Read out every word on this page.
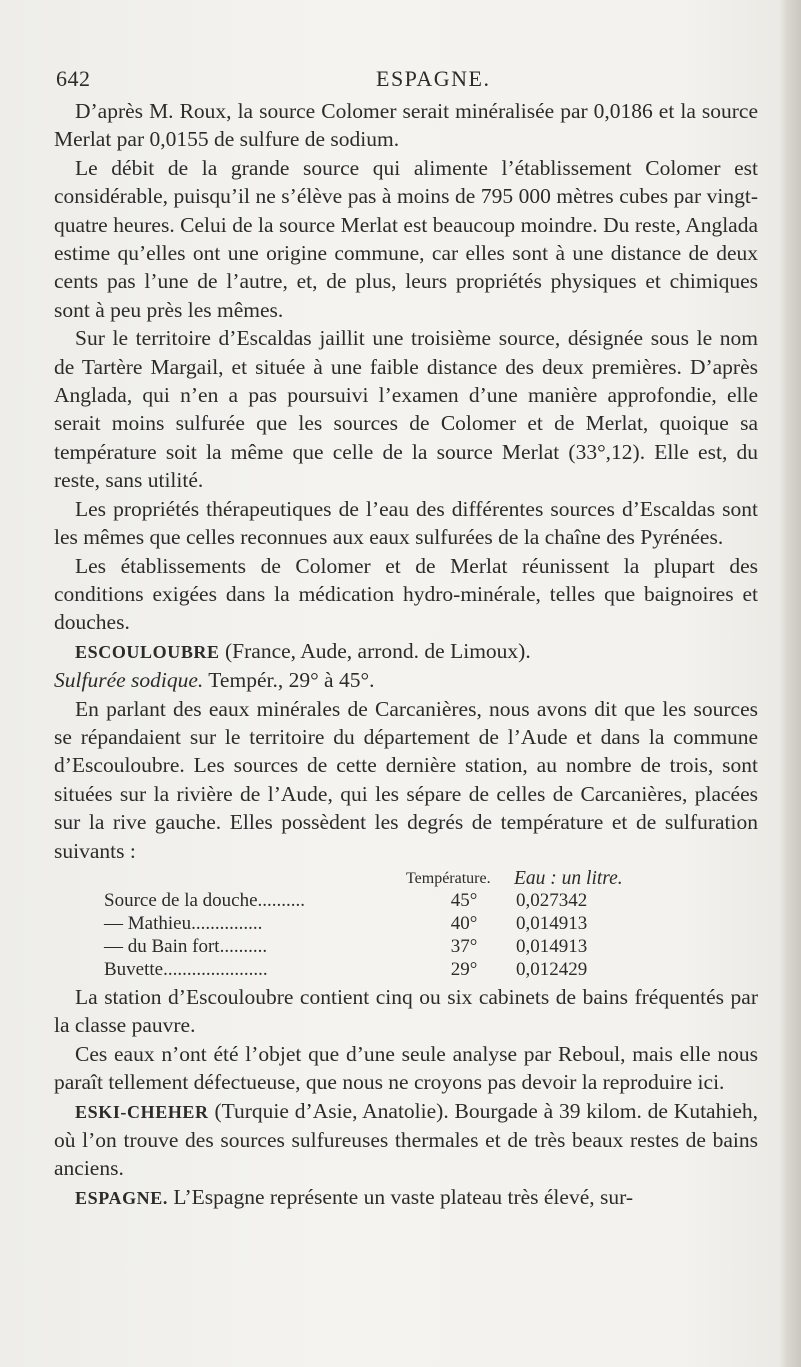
642	ESPAGNE.

D’après M. Roux, la source Colomer serait minéralisée par 0,0186 et la source Merlat par 0,0155 de sulfure de sodium.

Le débit de la grande source qui alimente l’établissement Colomer est considérable, puisqu’il ne s’élève pas à moins de 795 000 mètres cubes par vingt-quatre heures. Celui de la source Merlat est beaucoup moindre. Du reste, Anglada estime qu’elles ont une origine commune, car elles sont à une distance de deux cents pas l’une de l’autre, et, de plus, leurs propriétés physiques et chimiques sont à peu près les mêmes.

Sur le territoire d’Escaldas jaillit une troisième source, désignée sous le nom de Tartère Margail, et située à une faible distance des deux premières. D’après Anglada, qui n’en a pas poursuivi l’examen d’une manière approfondie, elle serait moins sulfurée que les sources de Colomer et de Merlat, quoique sa température soit la même que celle de la source Merlat (33°,12). Elle est, du reste, sans utilité.

Les propriétés thérapeutiques de l’eau des différentes sources d’Escaldas sont les mêmes que celles reconnues aux eaux sulfurées de la chaîne des Pyrénées.

Les établissements de Colomer et de Merlat réunissent la plupart des conditions exigées dans la médication hydro-minérale, telles que baignoires et douches.

ESCOULOUBRE (France, Aude, arrond. de Limoux).

Sulfurée sodique. Tempér., 29° à 45°.

En parlant des eaux minérales de Carcanières, nous avons dit que les sources se répandaient sur le territoire du département de l’Aude et dans la commune d’Escouloubre. Les sources de cette dernière station, au nombre de trois, sont situées sur la rivière de l’Aude, qui les sépare de celles de Carcanières, placées sur la rive gauche. Elles possèdent les degrés de température et de sulfuration suivants :

Température. Eau : un litre.
Source de la douche..........	45°	0,027342
— Mathieu...............	40°	0,014913
— du Bain fort..........	37°	0,014913
Buvette......................	29°	0,012429

La station d’Escouloubre contient cinq ou six cabinets de bains fréquentés par la classe pauvre.

Ces eaux n’ont été l’objet que d’une seule analyse par Reboul, mais elle nous paraît tellement défectueuse, que nous ne croyons pas devoir la reproduire ici.

ESKI-CHEHER (Turquie d’Asie, Anatolie). Bourgade à 39 kilom. de Kutahieh, où l’on trouve des sources sulfureuses thermales et de très beaux restes de bains anciens.

ESPAGNE. L’Espagne représente un vaste plateau très élevé, sur-
